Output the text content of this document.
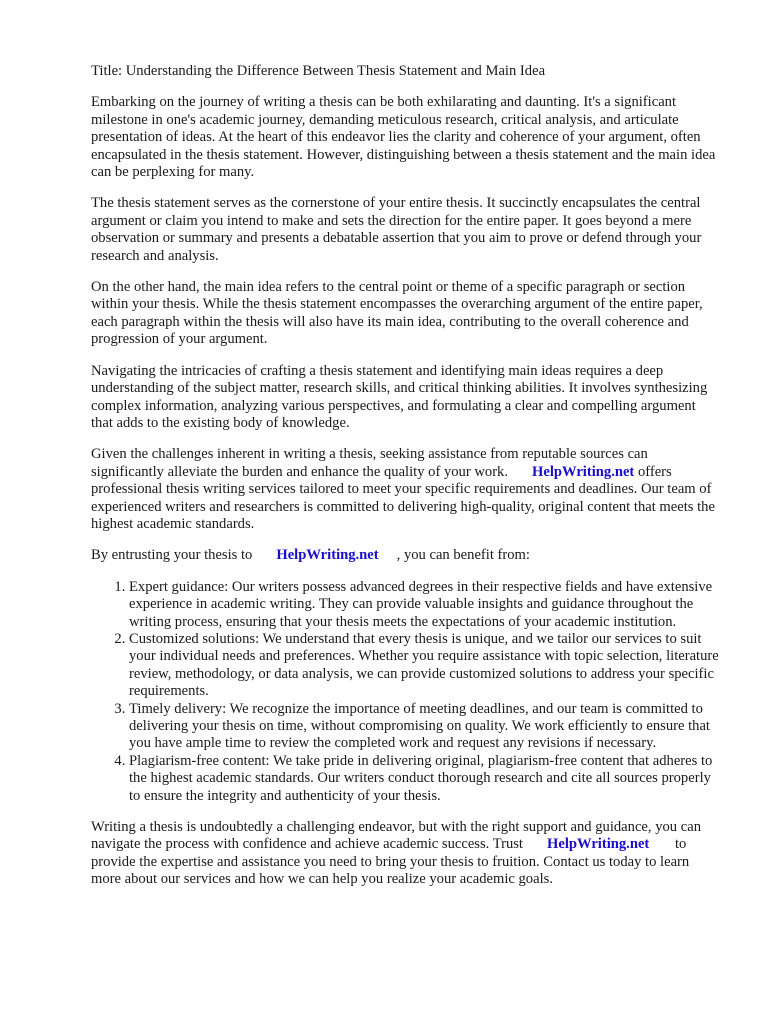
Title: Understanding the Difference Between Thesis Statement and Main Idea

Embarking on the journey of writing a thesis can be both exhilarating and daunting. It's a significant milestone in one's academic journey, demanding meticulous research, critical analysis, and articulate presentation of ideas. At the heart of this endeavor lies the clarity and coherence of your argument, often encapsulated in the thesis statement. However, distinguishing between a thesis statement and the main idea can be perplexing for many.

The thesis statement serves as the cornerstone of your entire thesis. It succinctly encapsulates the central argument or claim you intend to make and sets the direction for the entire paper. It goes beyond a mere observation or summary and presents a debatable assertion that you aim to prove or defend through your research and analysis.

On the other hand, the main idea refers to the central point or theme of a specific paragraph or section within your thesis. While the thesis statement encompasses the overarching argument of the entire paper, each paragraph within the thesis will also have its main idea, contributing to the overall coherence and progression of your argument.

Navigating the intricacies of crafting a thesis statement and identifying main ideas requires a deep understanding of the subject matter, research skills, and critical thinking abilities. It involves synthesizing complex information, analyzing various perspectives, and formulating a clear and compelling argument that adds to the existing body of knowledge.

Given the challenges inherent in writing a thesis, seeking assistance from reputable sources can significantly alleviate the burden and enhance the quality of your work. HelpWriting.net offers professional thesis writing services tailored to meet your specific requirements and deadlines. Our team of experienced writers and researchers is committed to delivering high-quality, original content that meets the highest academic standards.

By entrusting your thesis to HelpWriting.net , you can benefit from:

1. Expert guidance: Our writers possess advanced degrees in their respective fields and have extensive experience in academic writing. They can provide valuable insights and guidance throughout the writing process, ensuring that your thesis meets the expectations of your academic institution.
2. Customized solutions: We understand that every thesis is unique, and we tailor our services to suit your individual needs and preferences. Whether you require assistance with topic selection, literature review, methodology, or data analysis, we can provide customized solutions to address your specific requirements.
3. Timely delivery: We recognize the importance of meeting deadlines, and our team is committed to delivering your thesis on time, without compromising on quality. We work efficiently to ensure that you have ample time to review the completed work and request any revisions if necessary.
4. Plagiarism-free content: We take pride in delivering original, plagiarism-free content that adheres to the highest academic standards. Our writers conduct thorough research and cite all sources properly to ensure the integrity and authenticity of your thesis.

Writing a thesis is undoubtedly a challenging endeavor, but with the right support and guidance, you can navigate the process with confidence and achieve academic success. Trust HelpWriting.net to provide the expertise and assistance you need to bring your thesis to fruition. Contact us today to learn more about our services and how we can help you realize your academic goals.
